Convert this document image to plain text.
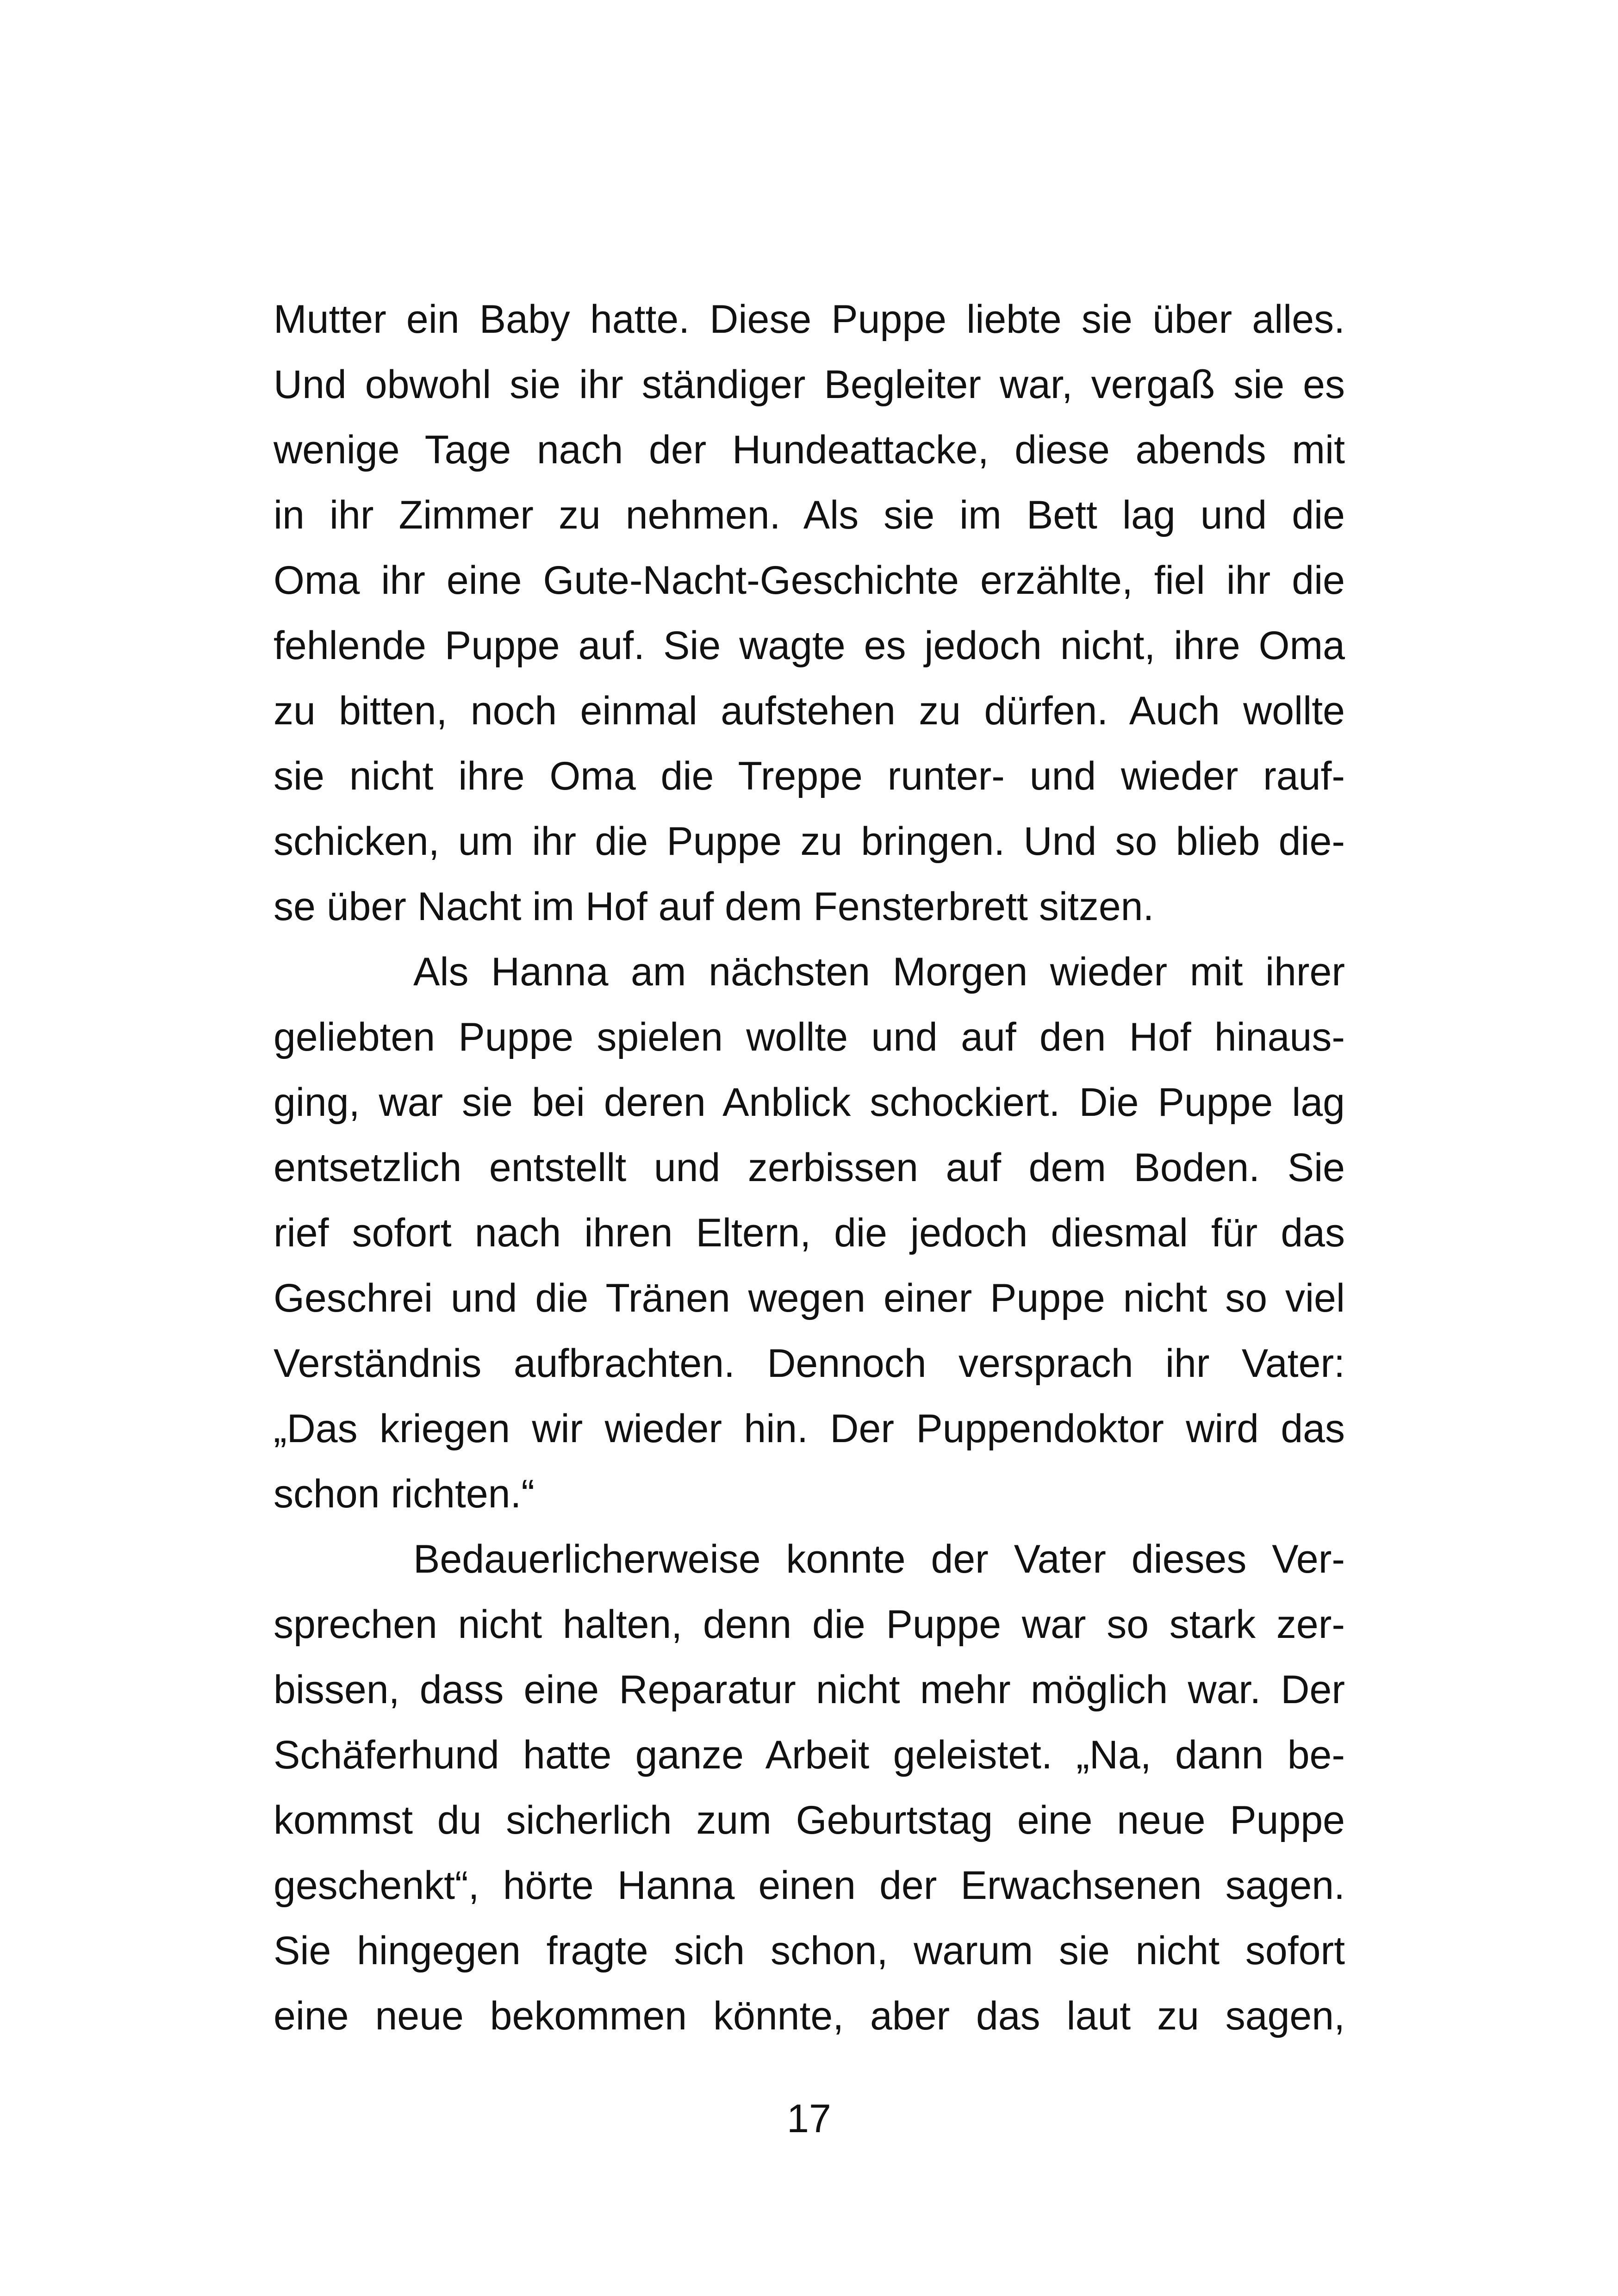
Mutter ein Baby hatte. Diese Puppe liebte sie über alles.
Und obwohl sie ihr ständiger Begleiter war, vergaß sie es
wenige Tage nach der Hundeattacke, diese abends mit
in ihr Zimmer zu nehmen. Als sie im Bett lag und die
Oma ihr eine Gute-Nacht-Geschichte erzählte, fiel ihr die
fehlende Puppe auf. Sie wagte es jedoch nicht, ihre Oma
zu bitten, noch einmal aufstehen zu dürfen. Auch wollte
sie nicht ihre Oma die Treppe runter- und wieder rauf-
schicken, um ihr die Puppe zu bringen. Und so blieb die-
se über Nacht im Hof auf dem Fensterbrett sitzen.
Als Hanna am nächsten Morgen wieder mit ihrer
geliebten Puppe spielen wollte und auf den Hof hinaus-
ging, war sie bei deren Anblick schockiert. Die Puppe lag
entsetzlich entstellt und zerbissen auf dem Boden. Sie
rief sofort nach ihren Eltern, die jedoch diesmal für das
Geschrei und die Tränen wegen einer Puppe nicht so viel
Verständnis aufbrachten. Dennoch versprach ihr Vater:
„Das kriegen wir wieder hin. Der Puppendoktor wird das
schon richten.“
Bedauerlicherweise konnte der Vater dieses Ver-
sprechen nicht halten, denn die Puppe war so stark zer-
bissen, dass eine Reparatur nicht mehr möglich war. Der
Schäferhund hatte ganze Arbeit geleistet. „Na, dann be-
kommst du sicherlich zum Geburtstag eine neue Puppe
geschenkt“, hörte Hanna einen der Erwachsenen sagen.
Sie hingegen fragte sich schon, warum sie nicht sofort
eine neue bekommen könnte, aber das laut zu sagen,
17
